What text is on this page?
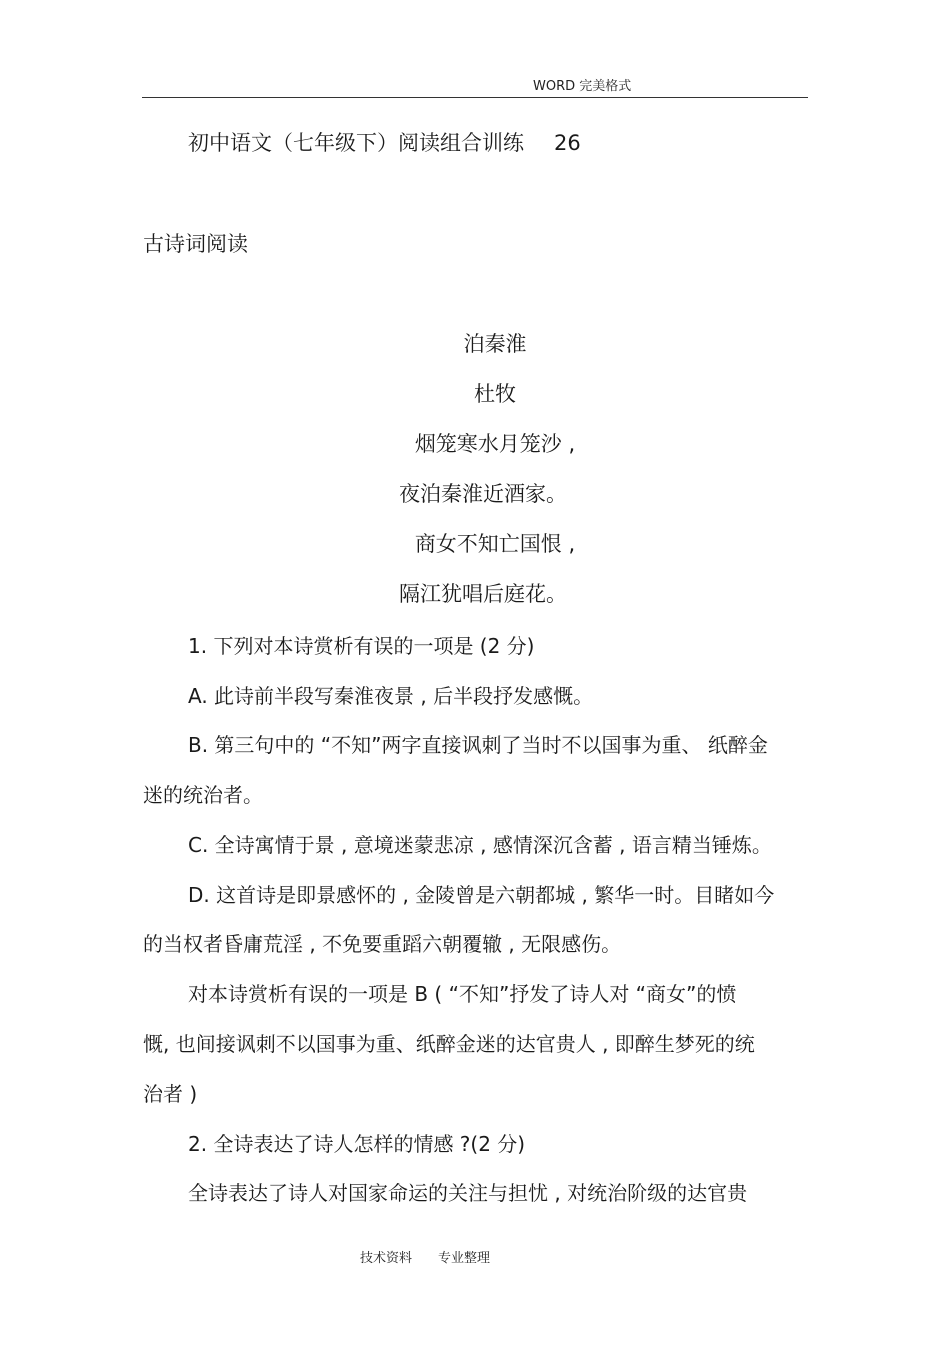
WORD 完美格式
初中语文（七年级下）阅读组合训练 26
古诗词阅读
泊秦淮
杜牧
烟笼寒水月笼沙 ,
夜泊秦淮近酒家。
商女不知亡国恨 ,
隔江犹唱后庭花。
1. 下列对本诗赏析有误的一项是 (2 分)
A. 此诗前半段写秦淮夜景 , 后半段抒发感慨。
B. 第三句中的 “不知”两字直接讽刺了当时不以国事为重、 纸醉金
迷的统治者。
C. 全诗寓情于景 , 意境迷蒙悲凉 , 感情深沉含蓄 , 语言精当锤炼。
D. 这首诗是即景感怀的 , 金陵曾是六朝都城 , 繁华一时。目睹如今
的当权者昏庸荒淫 , 不免要重蹈六朝覆辙 , 无限感伤。
对本诗赏析有误的一项是 B ( “不知”抒发了诗人对 “商女”的愤
慨, 也间接讽刺不以国事为重、纸醉金迷的达官贵人 , 即醉生梦死的统
治者 )
2. 全诗表达了诗人怎样的情感 ?(2 分)
全诗表达了诗人对国家命运的关注与担忧 , 对统治阶级的达官贵
技术资料 专业整理
